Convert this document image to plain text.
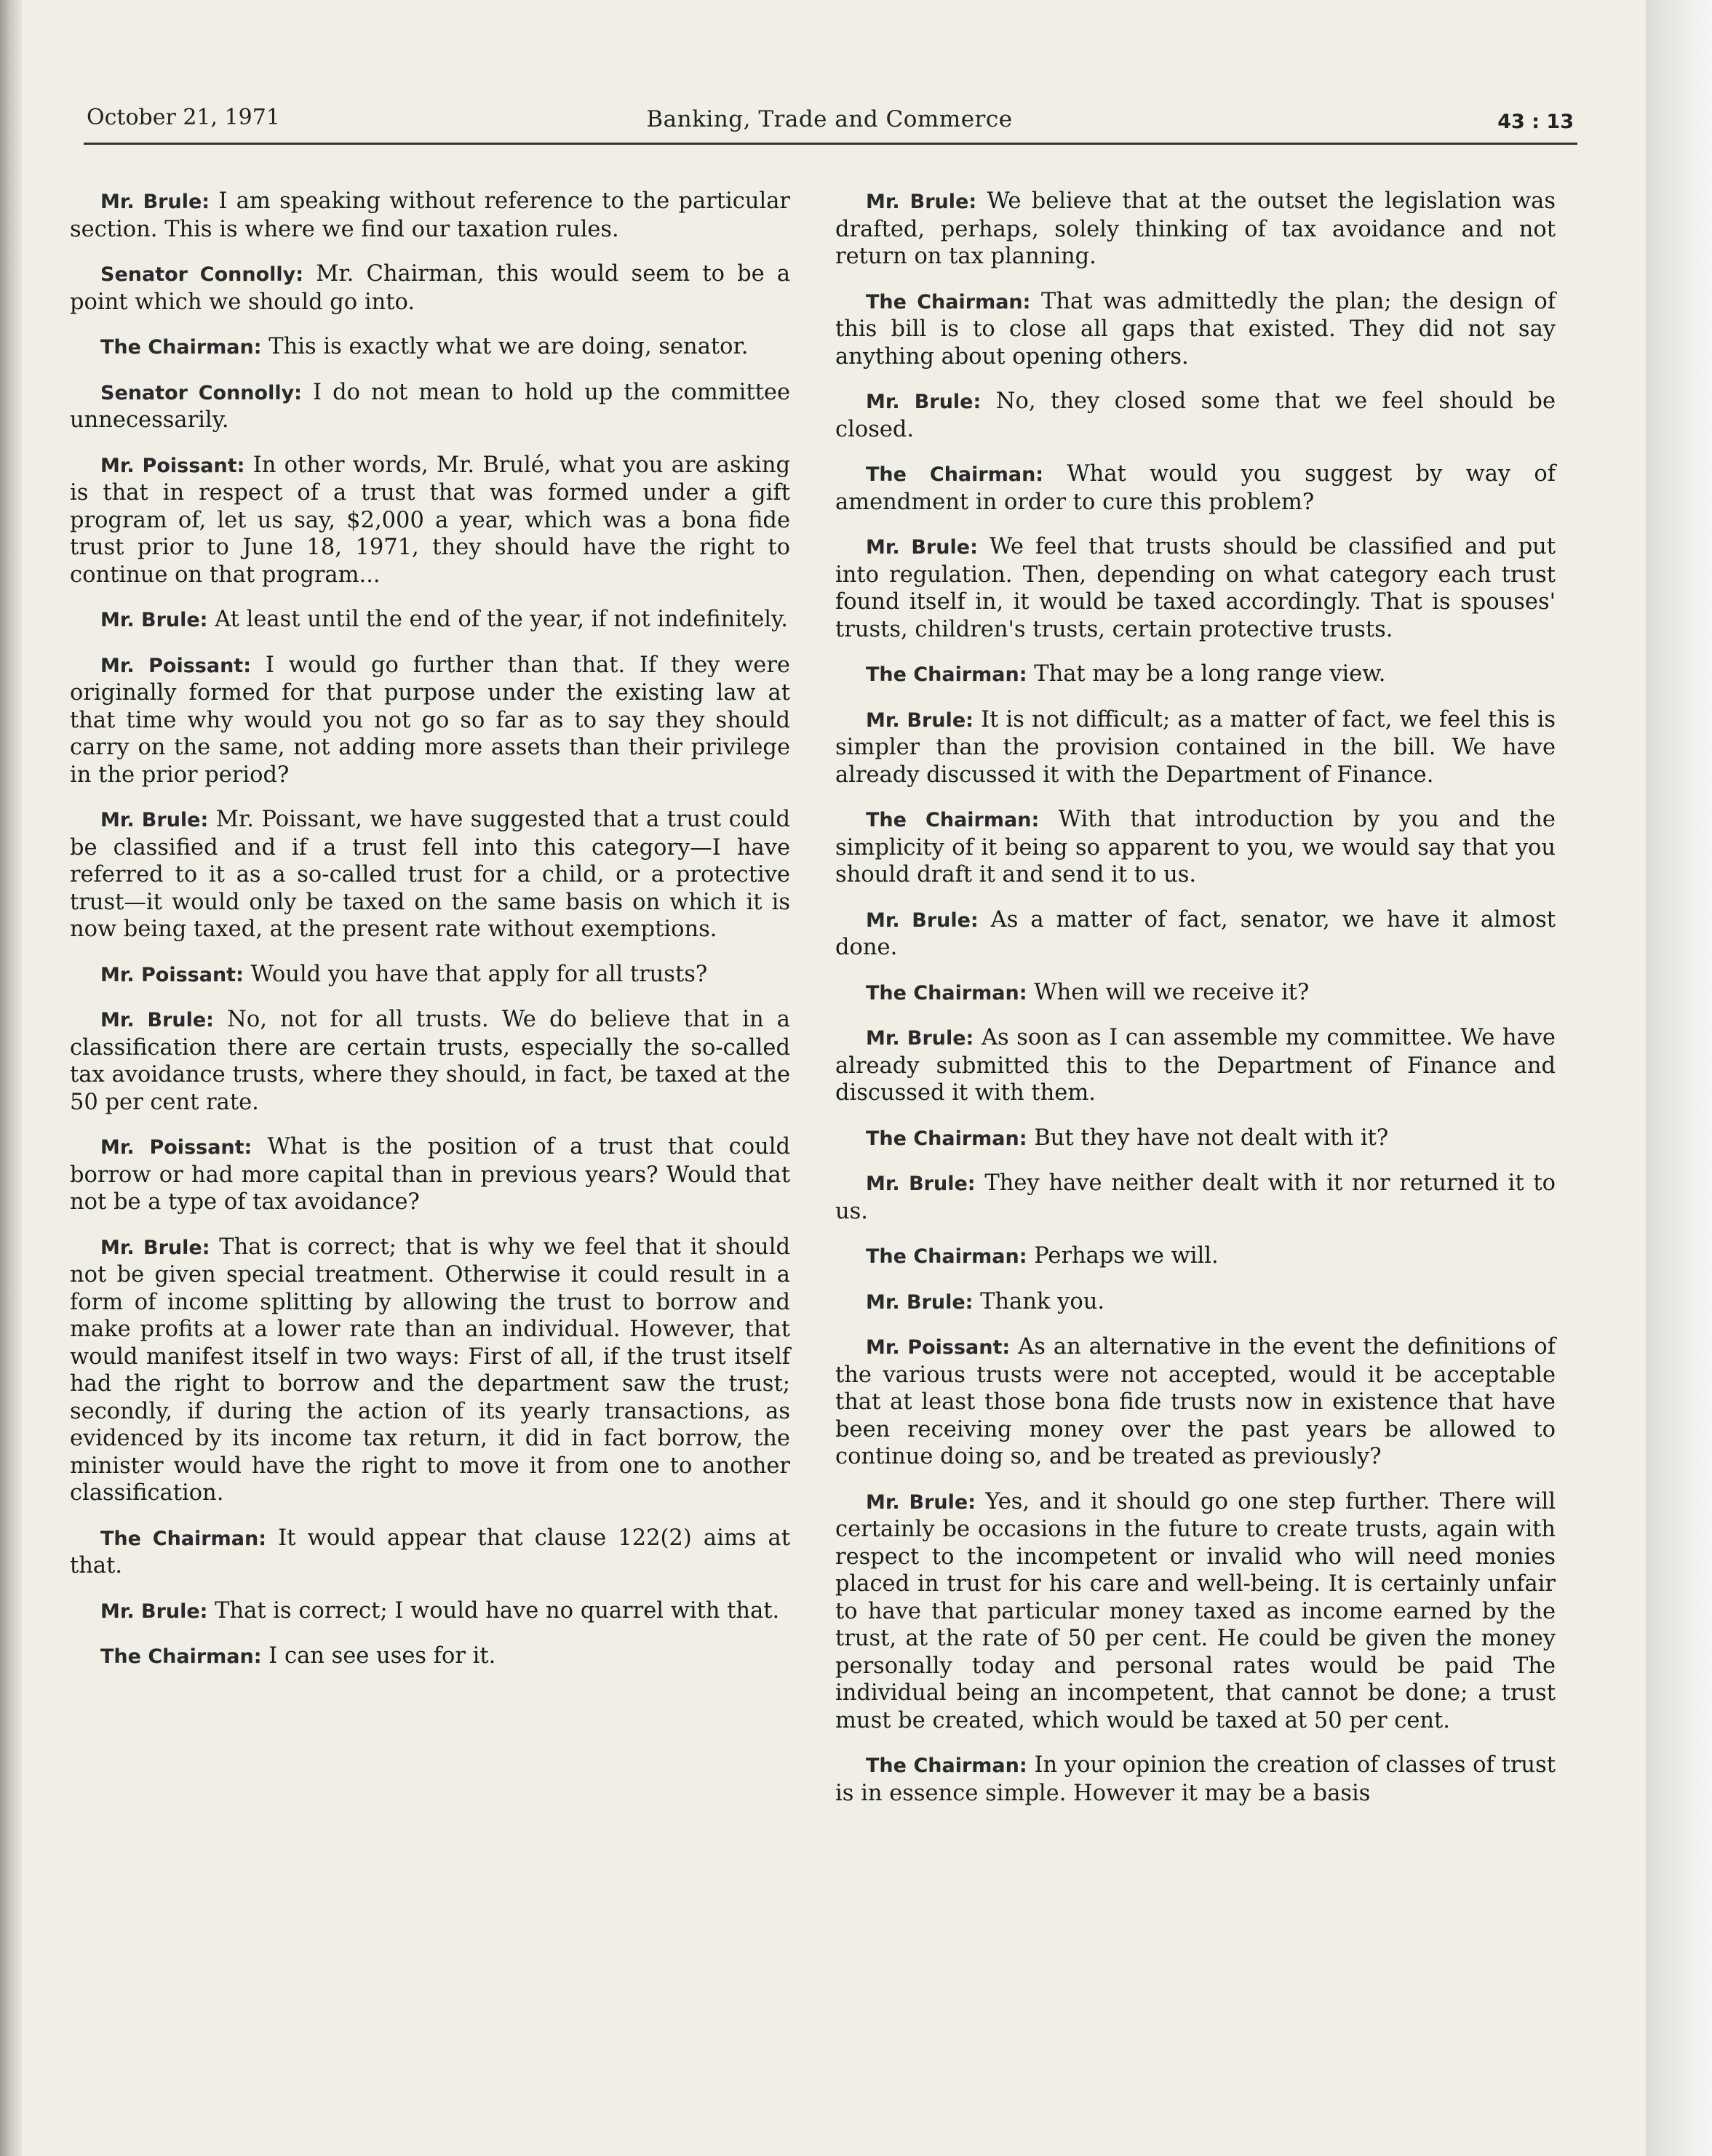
October 21, 1971	Banking, Trade and Commerce	43 : 13

Mr. Brule: I am speaking without reference to the particular section. This is where we find our taxation rules.

Senator Connolly: Mr. Chairman, this would seem to be a point which we should go into.

The Chairman: This is exactly what we are doing, senator.

Senator Connolly: I do not mean to hold up the committee unnecessarily.

Mr. Poissant: In other words, Mr. Brulé, what you are asking is that in respect of a trust that was formed under a gift program of, let us say, $2,000 a year, which was a bona fide trust prior to June 18, 1971, they should have the right to continue on that program...

Mr. Brule: At least until the end of the year, if not indefinitely.

Mr. Poissant: I would go further than that. If they were originally formed for that purpose under the existing law at that time why would you not go so far as to say they should carry on the same, not adding more assets than their privilege in the prior period?

Mr. Brule: Mr. Poissant, we have suggested that a trust could be classified and if a trust fell into this category—I have referred to it as a so-called trust for a child, or a protective trust—it would only be taxed on the same basis on which it is now being taxed, at the present rate without exemptions.

Mr. Poissant: Would you have that apply for all trusts?

Mr. Brule: No, not for all trusts. We do believe that in a classification there are certain trusts, especially the so-called tax avoidance trusts, where they should, in fact, be taxed at the 50 per cent rate.

Mr. Poissant: What is the position of a trust that could borrow or had more capital than in previous years? Would that not be a type of tax avoidance?

Mr. Brule: That is correct; that is why we feel that it should not be given special treatment. Otherwise it could result in a form of income splitting by allowing the trust to borrow and make profits at a lower rate than an individual. However, that would manifest itself in two ways: First of all, if the trust itself had the right to borrow and the department saw the trust; secondly, if during the action of its yearly transactions, as evidenced by its income tax return, it did in fact borrow, the minister would have the right to move it from one to another classification.

The Chairman: It would appear that clause 122(2) aims at that.

Mr. Brule: That is correct; I would have no quarrel with that.

The Chairman: I can see uses for it.

Mr. Brule: We believe that at the outset the legislation was drafted, perhaps, solely thinking of tax avoidance and not return on tax planning.

The Chairman: That was admittedly the plan; the design of this bill is to close all gaps that existed. They did not say anything about opening others.

Mr. Brule: No, they closed some that we feel should be closed.

The Chairman: What would you suggest by way of amendment in order to cure this problem?

Mr. Brule: We feel that trusts should be classified and put into regulation. Then, depending on what category each trust found itself in, it would be taxed accordingly. That is spouses' trusts, children's trusts, certain protective trusts.

The Chairman: That may be a long range view.

Mr. Brule: It is not difficult; as a matter of fact, we feel this is simpler than the provision contained in the bill. We have already discussed it with the Department of Finance.

The Chairman: With that introduction by you and the simplicity of it being so apparent to you, we would say that you should draft it and send it to us.

Mr. Brule: As a matter of fact, senator, we have it almost done.

The Chairman: When will we receive it?

Mr. Brule: As soon as I can assemble my committee. We have already submitted this to the Department of Finance and discussed it with them.

The Chairman: But they have not dealt with it?

Mr. Brule: They have neither dealt with it nor returned it to us.

The Chairman: Perhaps we will.

Mr. Brule: Thank you.

Mr. Poissant: As an alternative in the event the definitions of the various trusts were not accepted, would it be acceptable that at least those bona fide trusts now in existence that have been receiving money over the past years be allowed to continue doing so, and be treated as previously?

Mr. Brule: Yes, and it should go one step further. There will certainly be occasions in the future to create trusts, again with respect to the incompetent or invalid who will need monies placed in trust for his care and well-being. It is certainly unfair to have that particular money taxed as income earned by the trust, at the rate of 50 per cent. He could be given the money personally today and personal rates would be paid The individual being an incompetent, that cannot be done; a trust must be created, which would be taxed at 50 per cent.

The Chairman: In your opinion the creation of classes of trust is in essence simple. However it may be a basis
